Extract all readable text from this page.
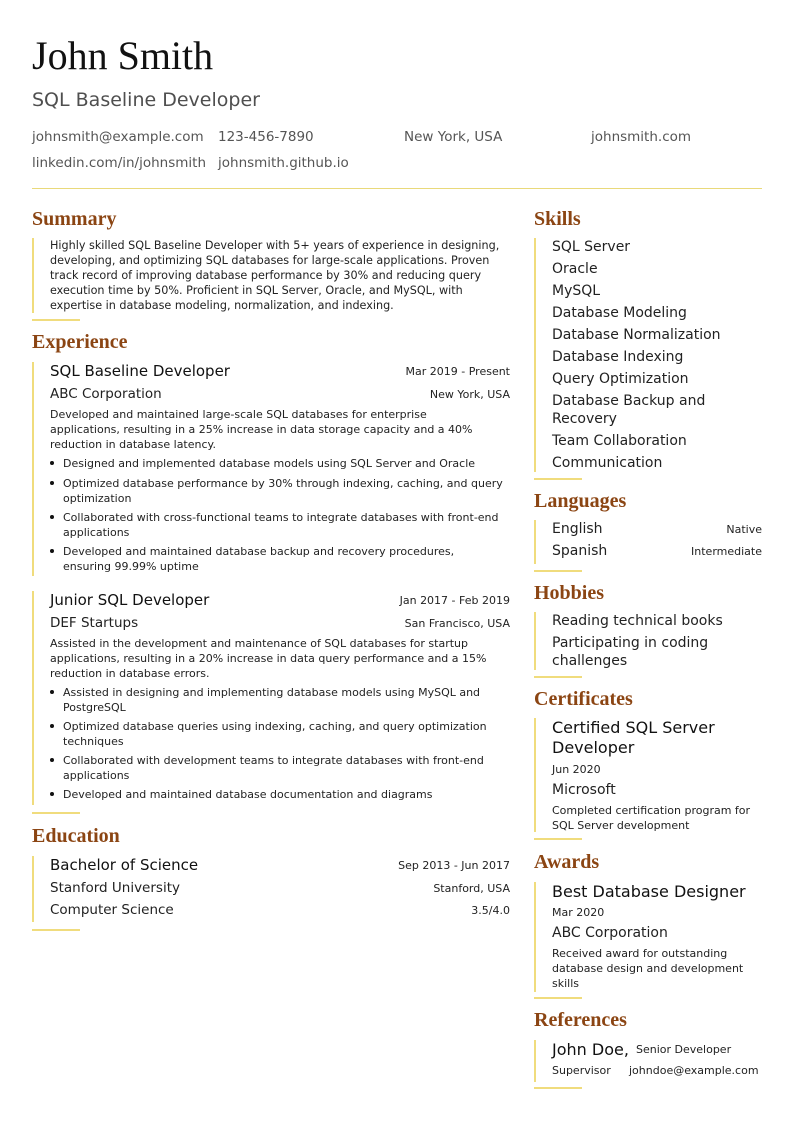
John Smith
SQL Baseline Developer
johnsmith@example.com 123-456-7890	New York, USA	johnsmith.com
linkedin.com/in/johnsmith johnsmith.github.io
Summary
Highly skilled SQL Baseline Developer with 5+ years of experience in designing, developing, and optimizing SQL databases for large-scale applications. Proven track record of improving database performance by 30% and reducing query execution time by 50%. Proficient in SQL Server, Oracle, and MySQL, with expertise in database modeling, normalization, and indexing.
Experience
SQL Baseline Developer	Mar 2019 - Present
ABC Corporation	New York, USA
Developed and maintained large-scale SQL databases for enterprise applications, resulting in a 25% increase in data storage capacity and a 40% reduction in database latency.
Designed and implemented database models using SQL Server and Oracle
Optimized database performance by 30% through indexing, caching, and query optimization
Collaborated with cross-functional teams to integrate databases with front-end applications
Developed and maintained database backup and recovery procedures, ensuring 99.99% uptime
Junior SQL Developer	Jan 2017 - Feb 2019
DEF Startups	San Francisco, USA
Assisted in the development and maintenance of SQL databases for startup applications, resulting in a 20% increase in data query performance and a 15% reduction in database errors.
Assisted in designing and implementing database models using MySQL and PostgreSQL
Optimized database queries using indexing, caching, and query optimization techniques
Collaborated with development teams to integrate databases with front-end applications
Developed and maintained database documentation and diagrams
Education
Bachelor of Science	Sep 2013 - Jun 2017
Stanford University	Stanford, USA
Computer Science	3.5/4.0
Skills
SQL Server
Oracle
MySQL
Database Modeling
Database Normalization
Database Indexing
Query Optimization
Database Backup and Recovery
Team Collaboration
Communication
Languages
English	Native
Spanish	Intermediate
Hobbies
Reading technical books
Participating in coding challenges
Certificates
Certified SQL Server Developer
Jun 2020
Microsoft
Completed certification program for SQL Server development
Awards
Best Database Designer
Mar 2020
ABC Corporation
Received award for outstanding database design and development skills
References
John Doe, Senior Developer
Supervisor johndoe@example.com
